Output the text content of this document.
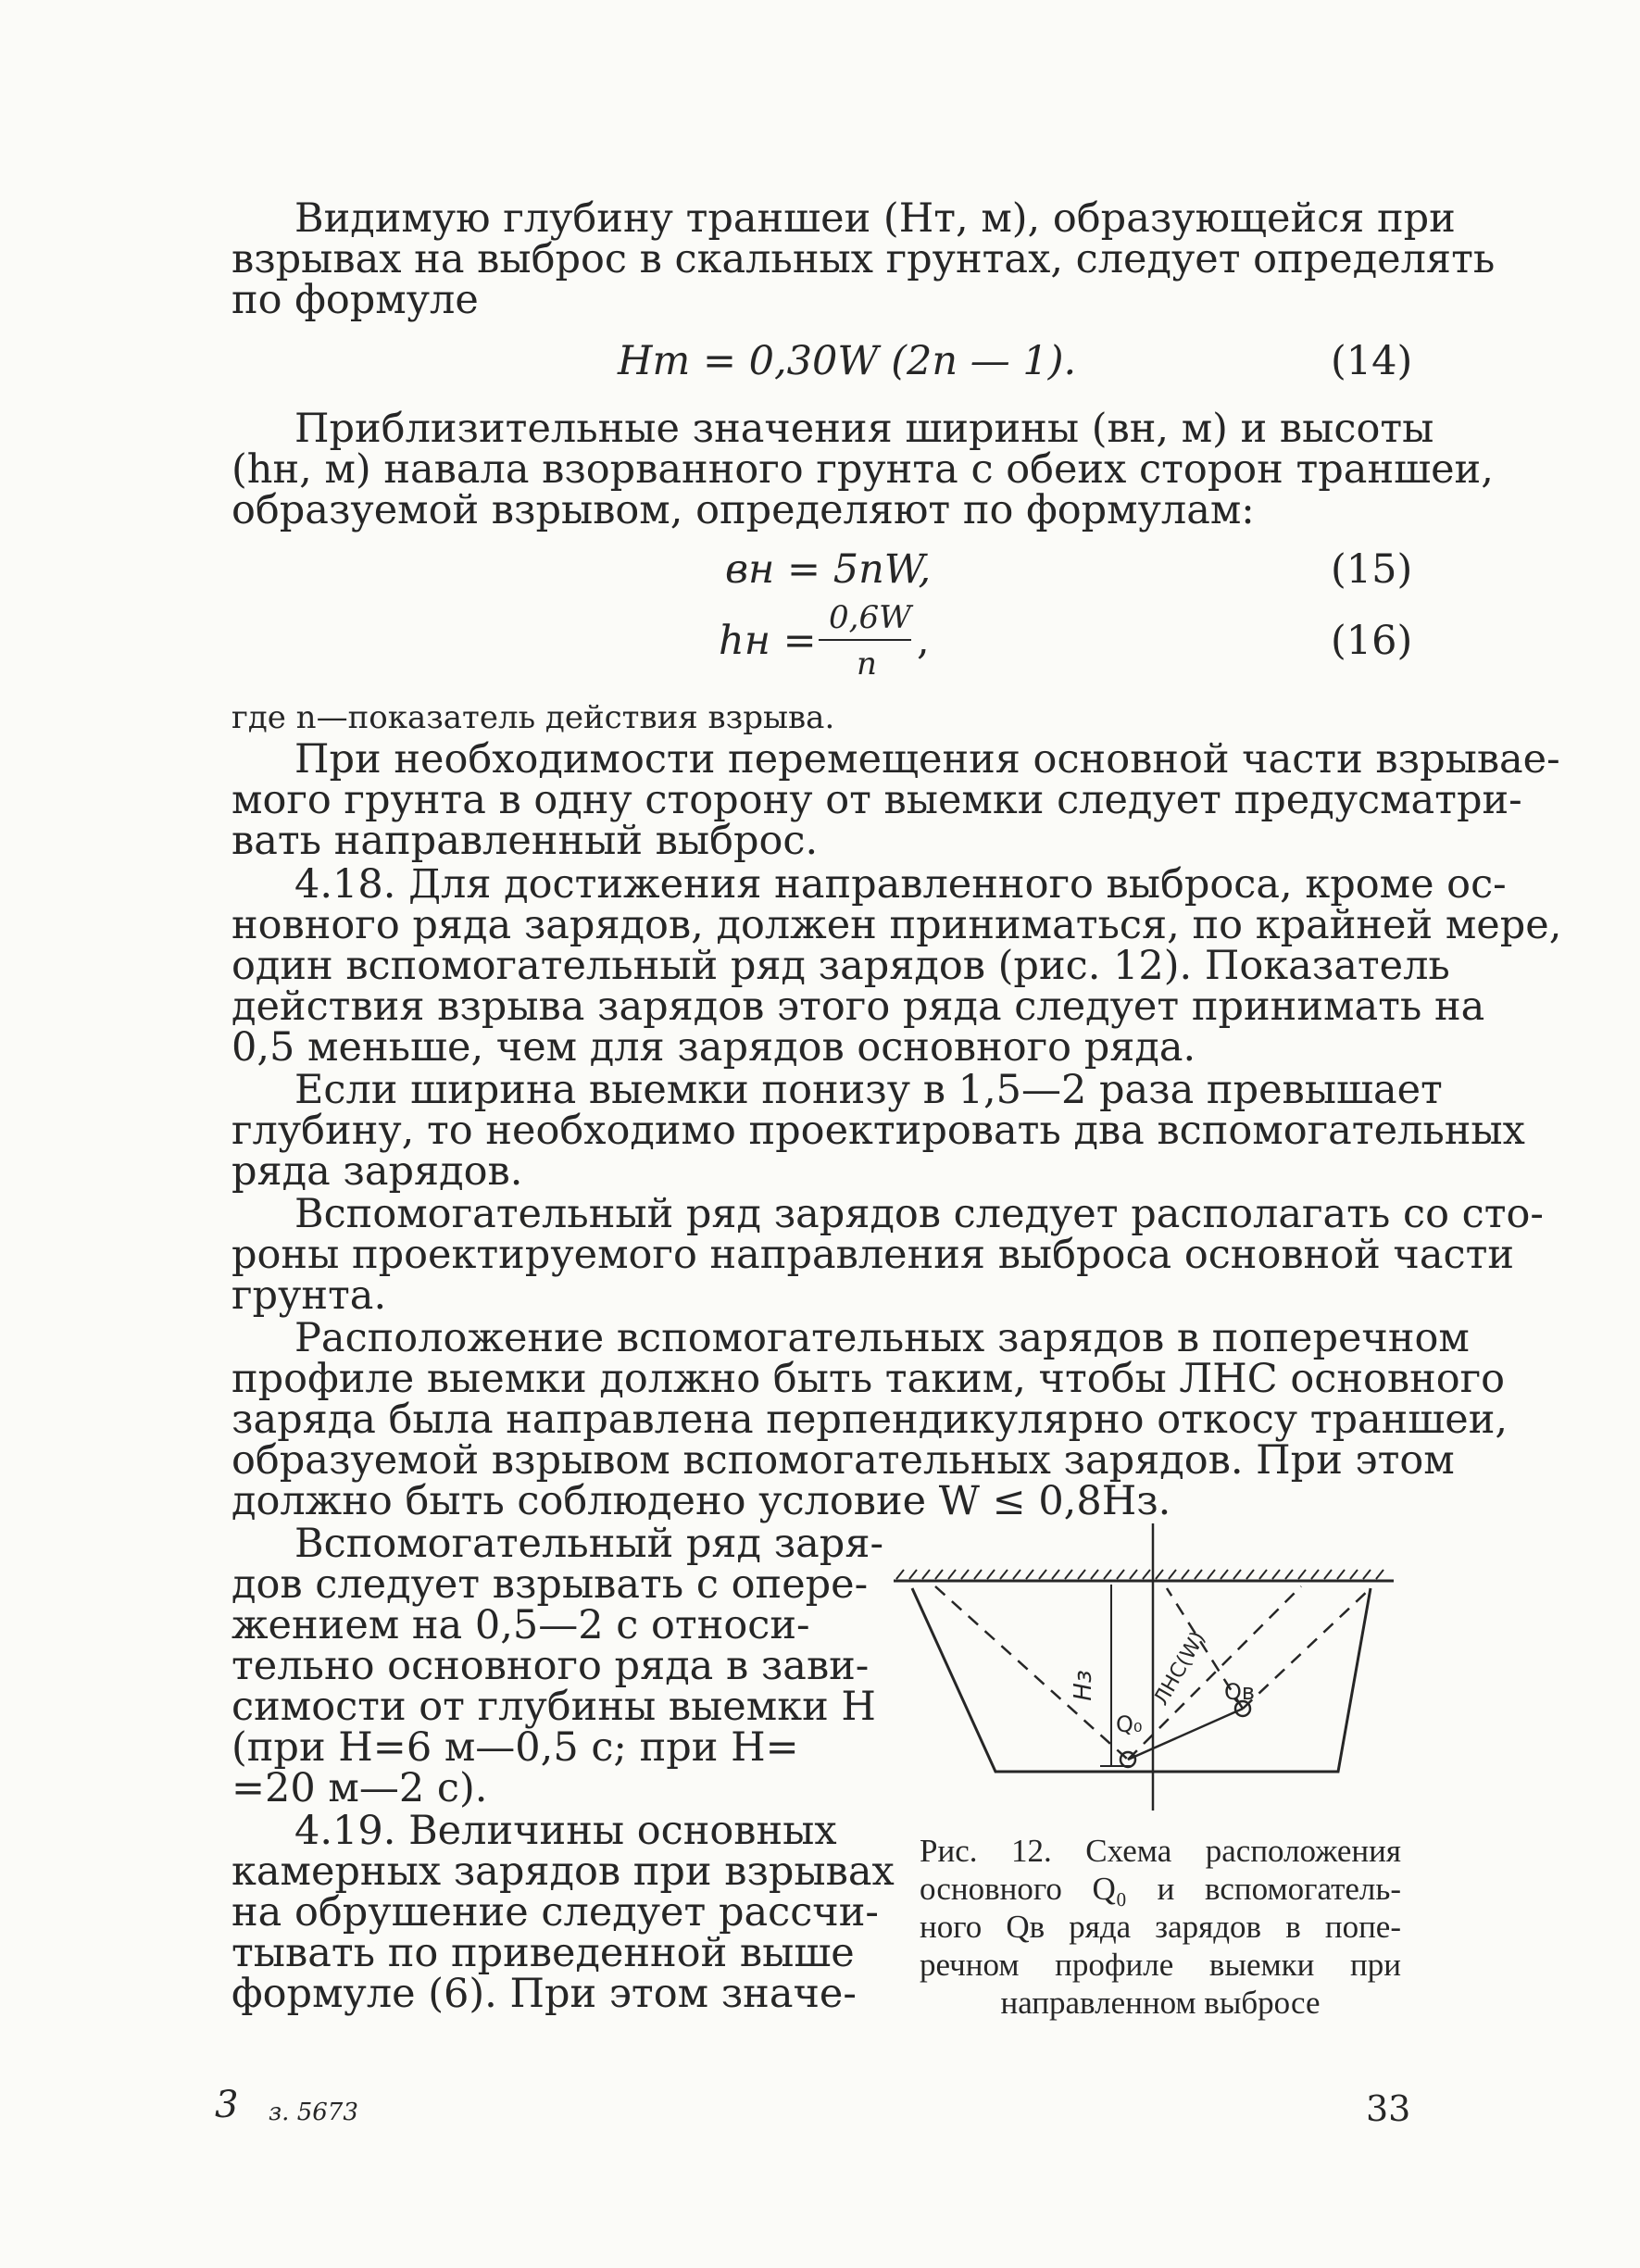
Видимую глубину траншеи (Hт, м), образующейся при
взрывах на выброс в скальных грунтах, следует определять
по формуле
Hт = 0,30W (2n — 1).	(14)
Приблизительные значения ширины (вн, м) и высоты
(hн, м) навала взорванного грунта с обеих сторон траншеи,
образуемой взрывом, определяют по формулам:
вн = 5nW,	(15)
hн = 0,6W
n ,	(16)
где n—показатель действия взрыва.
При необходимости перемещения основной части взрывае-
мого грунта в одну сторону от выемки следует предусматри-
вать направленный выброс.
4.18. Для достижения направленного выброса, кроме ос-
новного ряда зарядов, должен приниматься, по крайней мере,
один вспомогательный ряд зарядов (рис. 12). Показатель
действия взрыва зарядов этого ряда следует принимать на
0,5 меньше, чем для зарядов основного ряда.
Если ширина выемки понизу в 1,5—2 раза превышает
глубину, то необходимо проектировать два вспомогательных
ряда зарядов.
Вспомогательный ряд зарядов следует располагать со сто-
роны проектируемого направления выброса основной части
грунта.
Расположение вспомогательных зарядов в поперечном
профиле выемки должно быть таким, чтобы ЛНС основного
заряда была направлена перпендикулярно откосу траншеи,
образуемой взрывом вспомогательных зарядов. При этом
должно быть соблюдено условие W ≤ 0,8Hз.
Вспомогательный ряд заря-
дов следует взрывать с опере-
жением на 0,5—2 с относи-
тельно основного ряда в зави-
симости от глубины выемки H
(при H=6 м—0,5 с; при H=
=20 м—2 с).
4.19. Величины основных
камерных зарядов при взрывах
на обрушение следует рассчи-
тывать по приведенной выше
формуле (6). При этом значе-
Hз	ЛНС(W)
Q₀
Qв
Рис. 12. Схема расположения
основного Q₀ и вспомогатель-
ного Qв ряда зарядов в попе-
речном профиле выемки при
направленном выбросе
3 з. 5673	33
